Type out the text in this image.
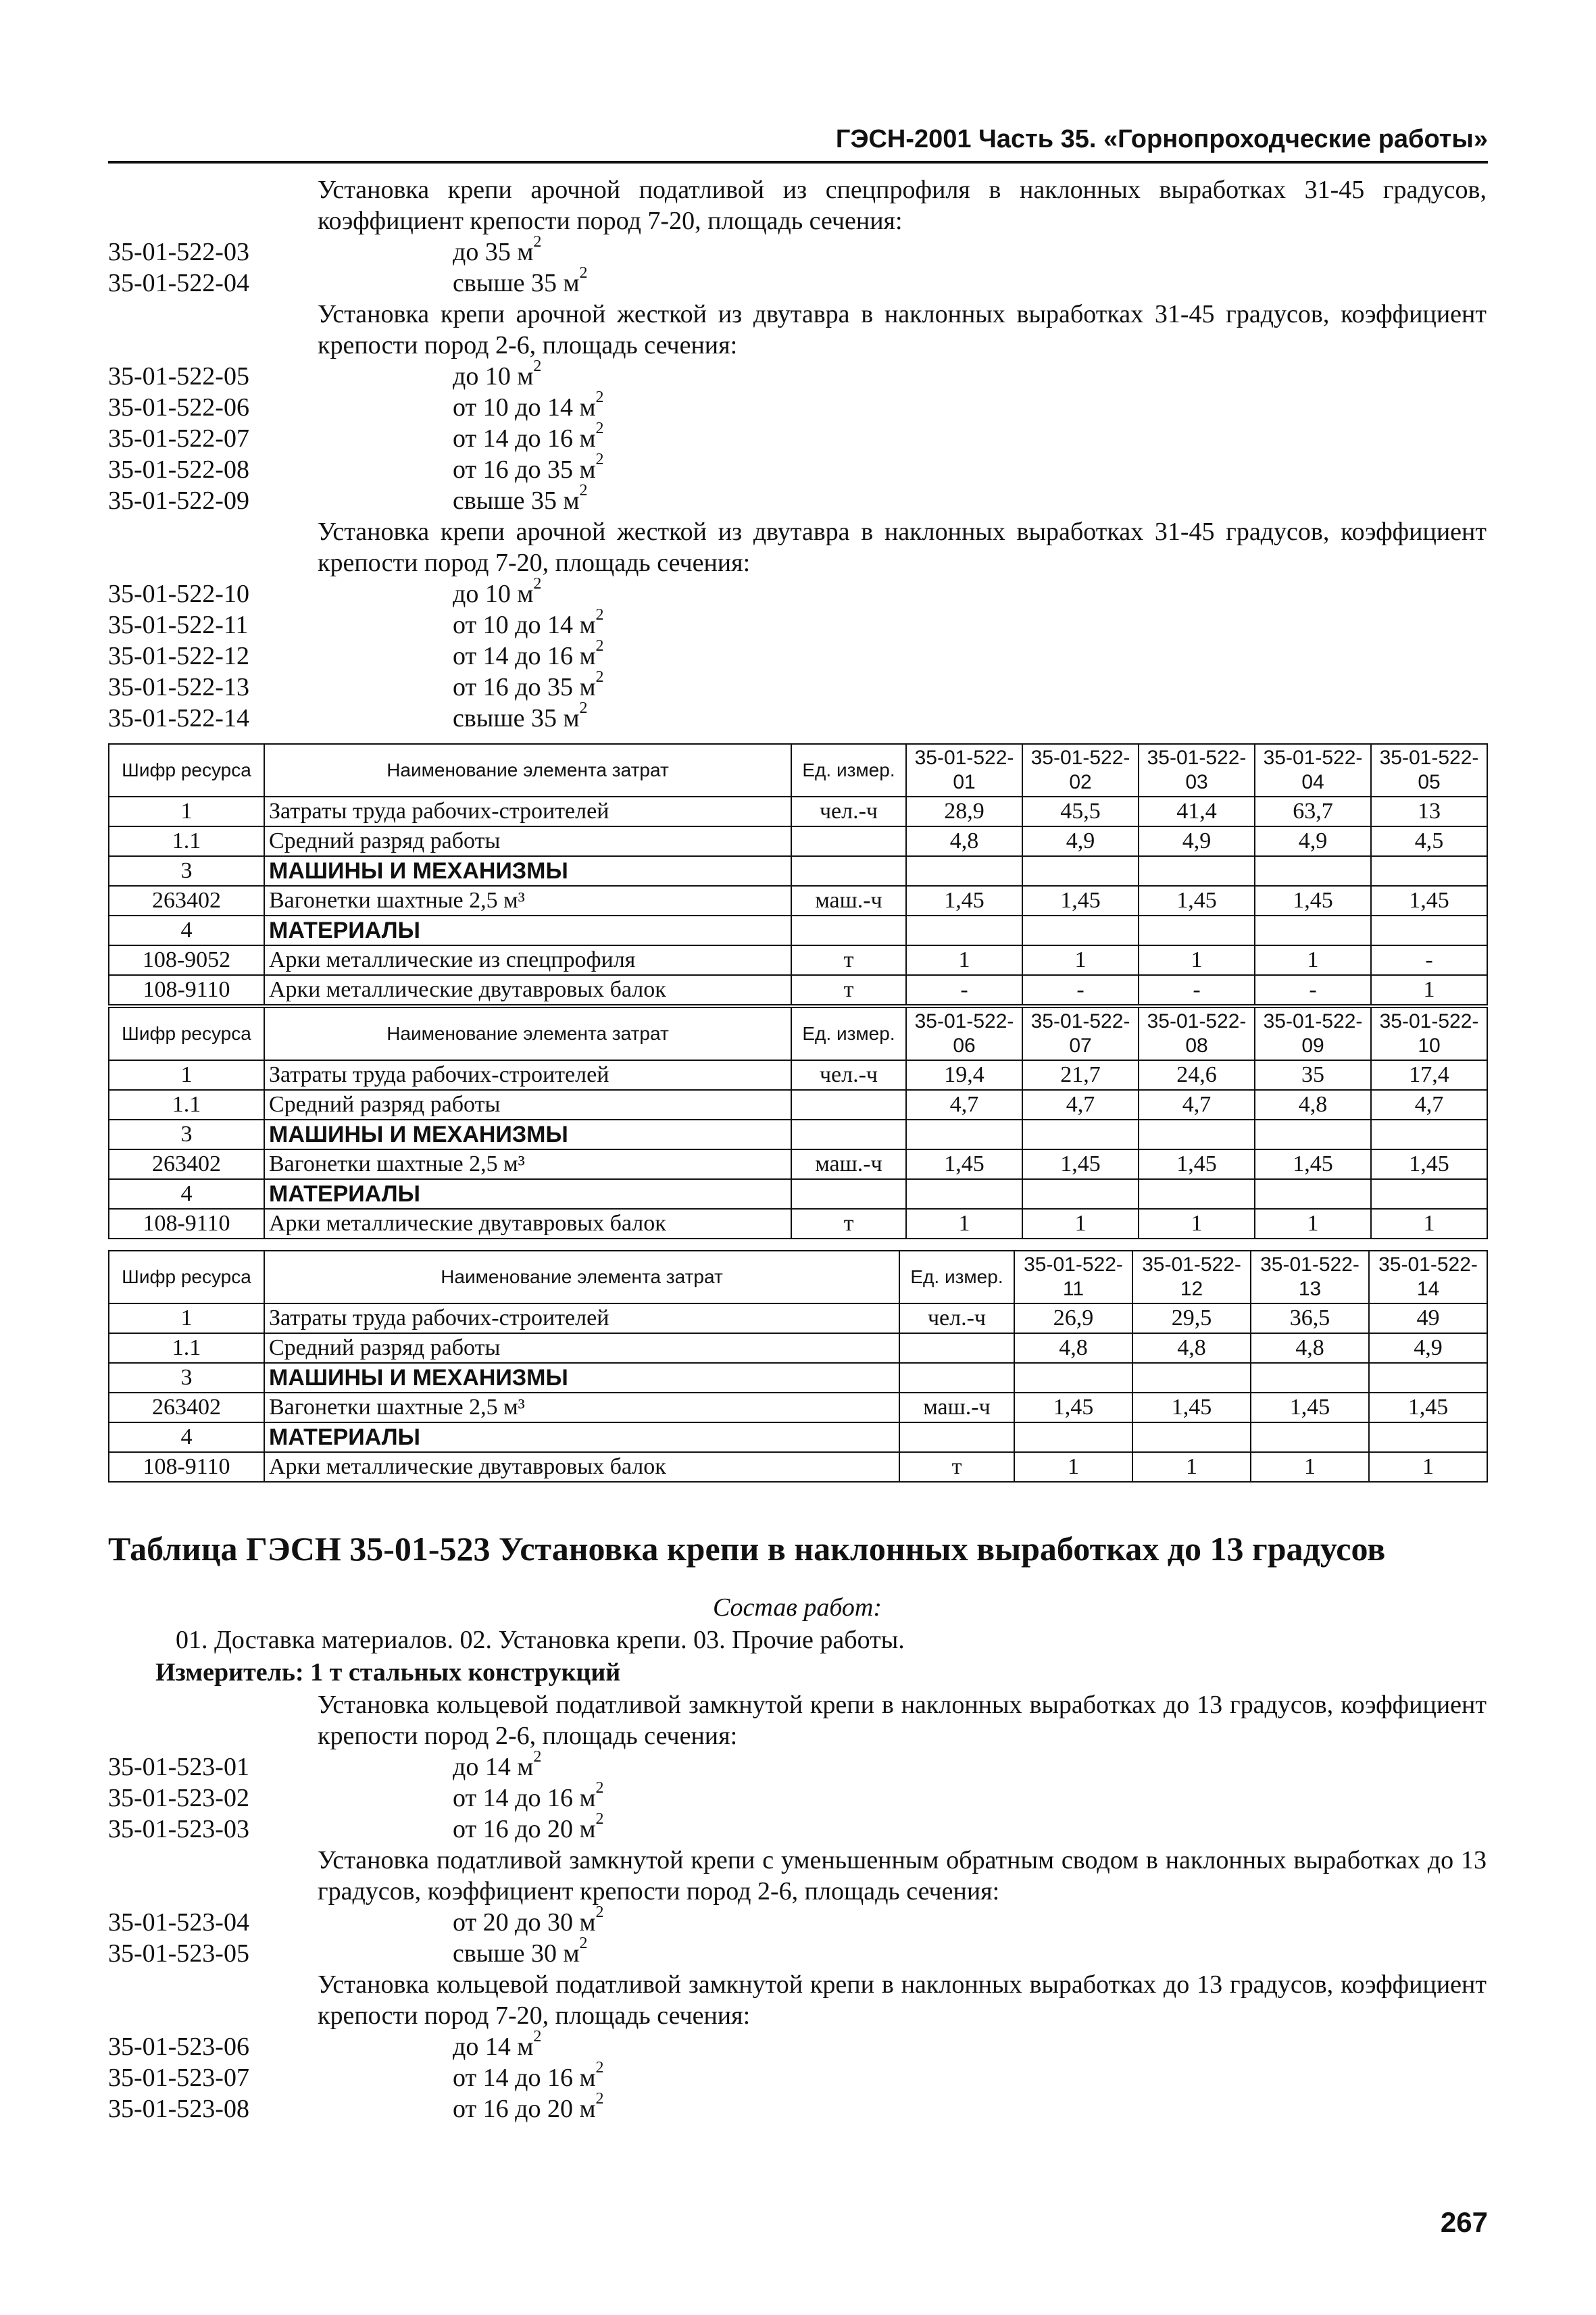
ГЭСН-2001 Часть 35. «Горнопроходческие работы»
Установка крепи арочной податливой из спецпрофиля в наклонных выработках 31-45 градусов, коэффициент крепости пород 7-20, площадь сечения:
35-01-522-03	до 35 $м^2$
35-01-522-04	свыше 35 $м^2$
Установка крепи арочной жесткой из двутавра в наклонных выработках 31-45 градусов, коэффициент крепости пород 2-6, площадь сечения:
35-01-522-05	до 10 $м^2$
35-01-522-06	от 10 до 14 $м^2$
35-01-522-07	от 14 до 16 $м^2$
35-01-522-08	от 16 до 35 $м^2$
35-01-522-09	свыше 35 $м^2$
Установка крепи арочной жесткой из двутавра в наклонных выработках 31-45 градусов, коэффициент крепости пород 7-20, площадь сечения:
35-01-522-10	до 10 $м^2$
35-01-522-11	от 10 до 14 $м^2$
35-01-522-12	от 14 до 16 $м^2$
35-01-522-13	от 16 до 35 $м^2$
35-01-522-14	свыше 35 $м^2$
Шифр ресурса	Наименование элемента затрат	Ед. измер.	35-01-522-01	35-01-522-02	35-01-522-03	35-01-522-04	35-01-522-05
1	Затраты труда рабочих-строителей	чел.-ч	28,9	45,5	41,4	63,7	13
1.1	Средний разряд работы		4,8	4,9	4,9	4,9	4,5
3	МАШИНЫ И МЕХАНИЗМЫ						
263402	Вагонетки шахтные 2,5 м³	маш.-ч	1,45	1,45	1,45	1,45	1,45
4	МАТЕРИАЛЫ						
108-9052	Арки металлические из спецпрофиля	т	1	1	1	1	-
108-9110	Арки металлические двутавровых балок	т	-	-	-	-	1
Шифр ресурса	Наименование элемента затрат	Ед. измер.	35-01-522-06	35-01-522-07	35-01-522-08	35-01-522-09	35-01-522-10
1	Затраты труда рабочих-строителей	чел.-ч	19,4	21,7	24,6	35	17,4
1.1	Средний разряд работы		4,7	4,7	4,7	4,8	4,7
3	МАШИНЫ И МЕХАНИЗМЫ						
263402	Вагонетки шахтные 2,5 м³	маш.-ч	1,45	1,45	1,45	1,45	1,45
4	МАТЕРИАЛЫ						
108-9110	Арки металлические двутавровых балок	т	1	1	1	1	1
Шифр ресурса	Наименование элемента затрат	Ед. измер.	35-01-522-11	35-01-522-12	35-01-522-13	35-01-522-14
1	Затраты труда рабочих-строителей	чел.-ч	26,9	29,5	36,5	49
1.1	Средний разряд работы		4,8	4,8	4,8	4,9
3	МАШИНЫ И МЕХАНИЗМЫ					
263402	Вагонетки шахтные 2,5 м³	маш.-ч	1,45	1,45	1,45	1,45
4	МАТЕРИАЛЫ					
108-9110	Арки металлические двутавровых балок	т	1	1	1	1
Таблица ГЭСН 35-01-523 Установка крепи в наклонных выработках до 13 градусов
Состав работ:
01. Доставка материалов. 02. Установка крепи. 03. Прочие работы.
Измеритель: 1 т стальных конструкций
Установка кольцевой податливой замкнутой крепи в наклонных выработках до 13 градусов, коэффициент крепости пород 2-6, площадь сечения:
35-01-523-01	до 14 $м^2$
35-01-523-02	от 14 до 16 $м^2$
35-01-523-03	от 16 до 20 $м^2$
Установка податливой замкнутой крепи с уменьшенным обратным сводом в наклонных выработках до 13 градусов, коэффициент крепости пород 2-6, площадь сечения:
35-01-523-04	от 20 до 30 $м^2$
35-01-523-05	свыше 30 $м^2$
Установка кольцевой податливой замкнутой крепи в наклонных выработках до 13 градусов, коэффициент крепости пород 7-20, площадь сечения:
35-01-523-06	до 14 $м^2$
35-01-523-07	от 14 до 16 $м^2$
35-01-523-08	от 16 до 20 $м^2$
267
